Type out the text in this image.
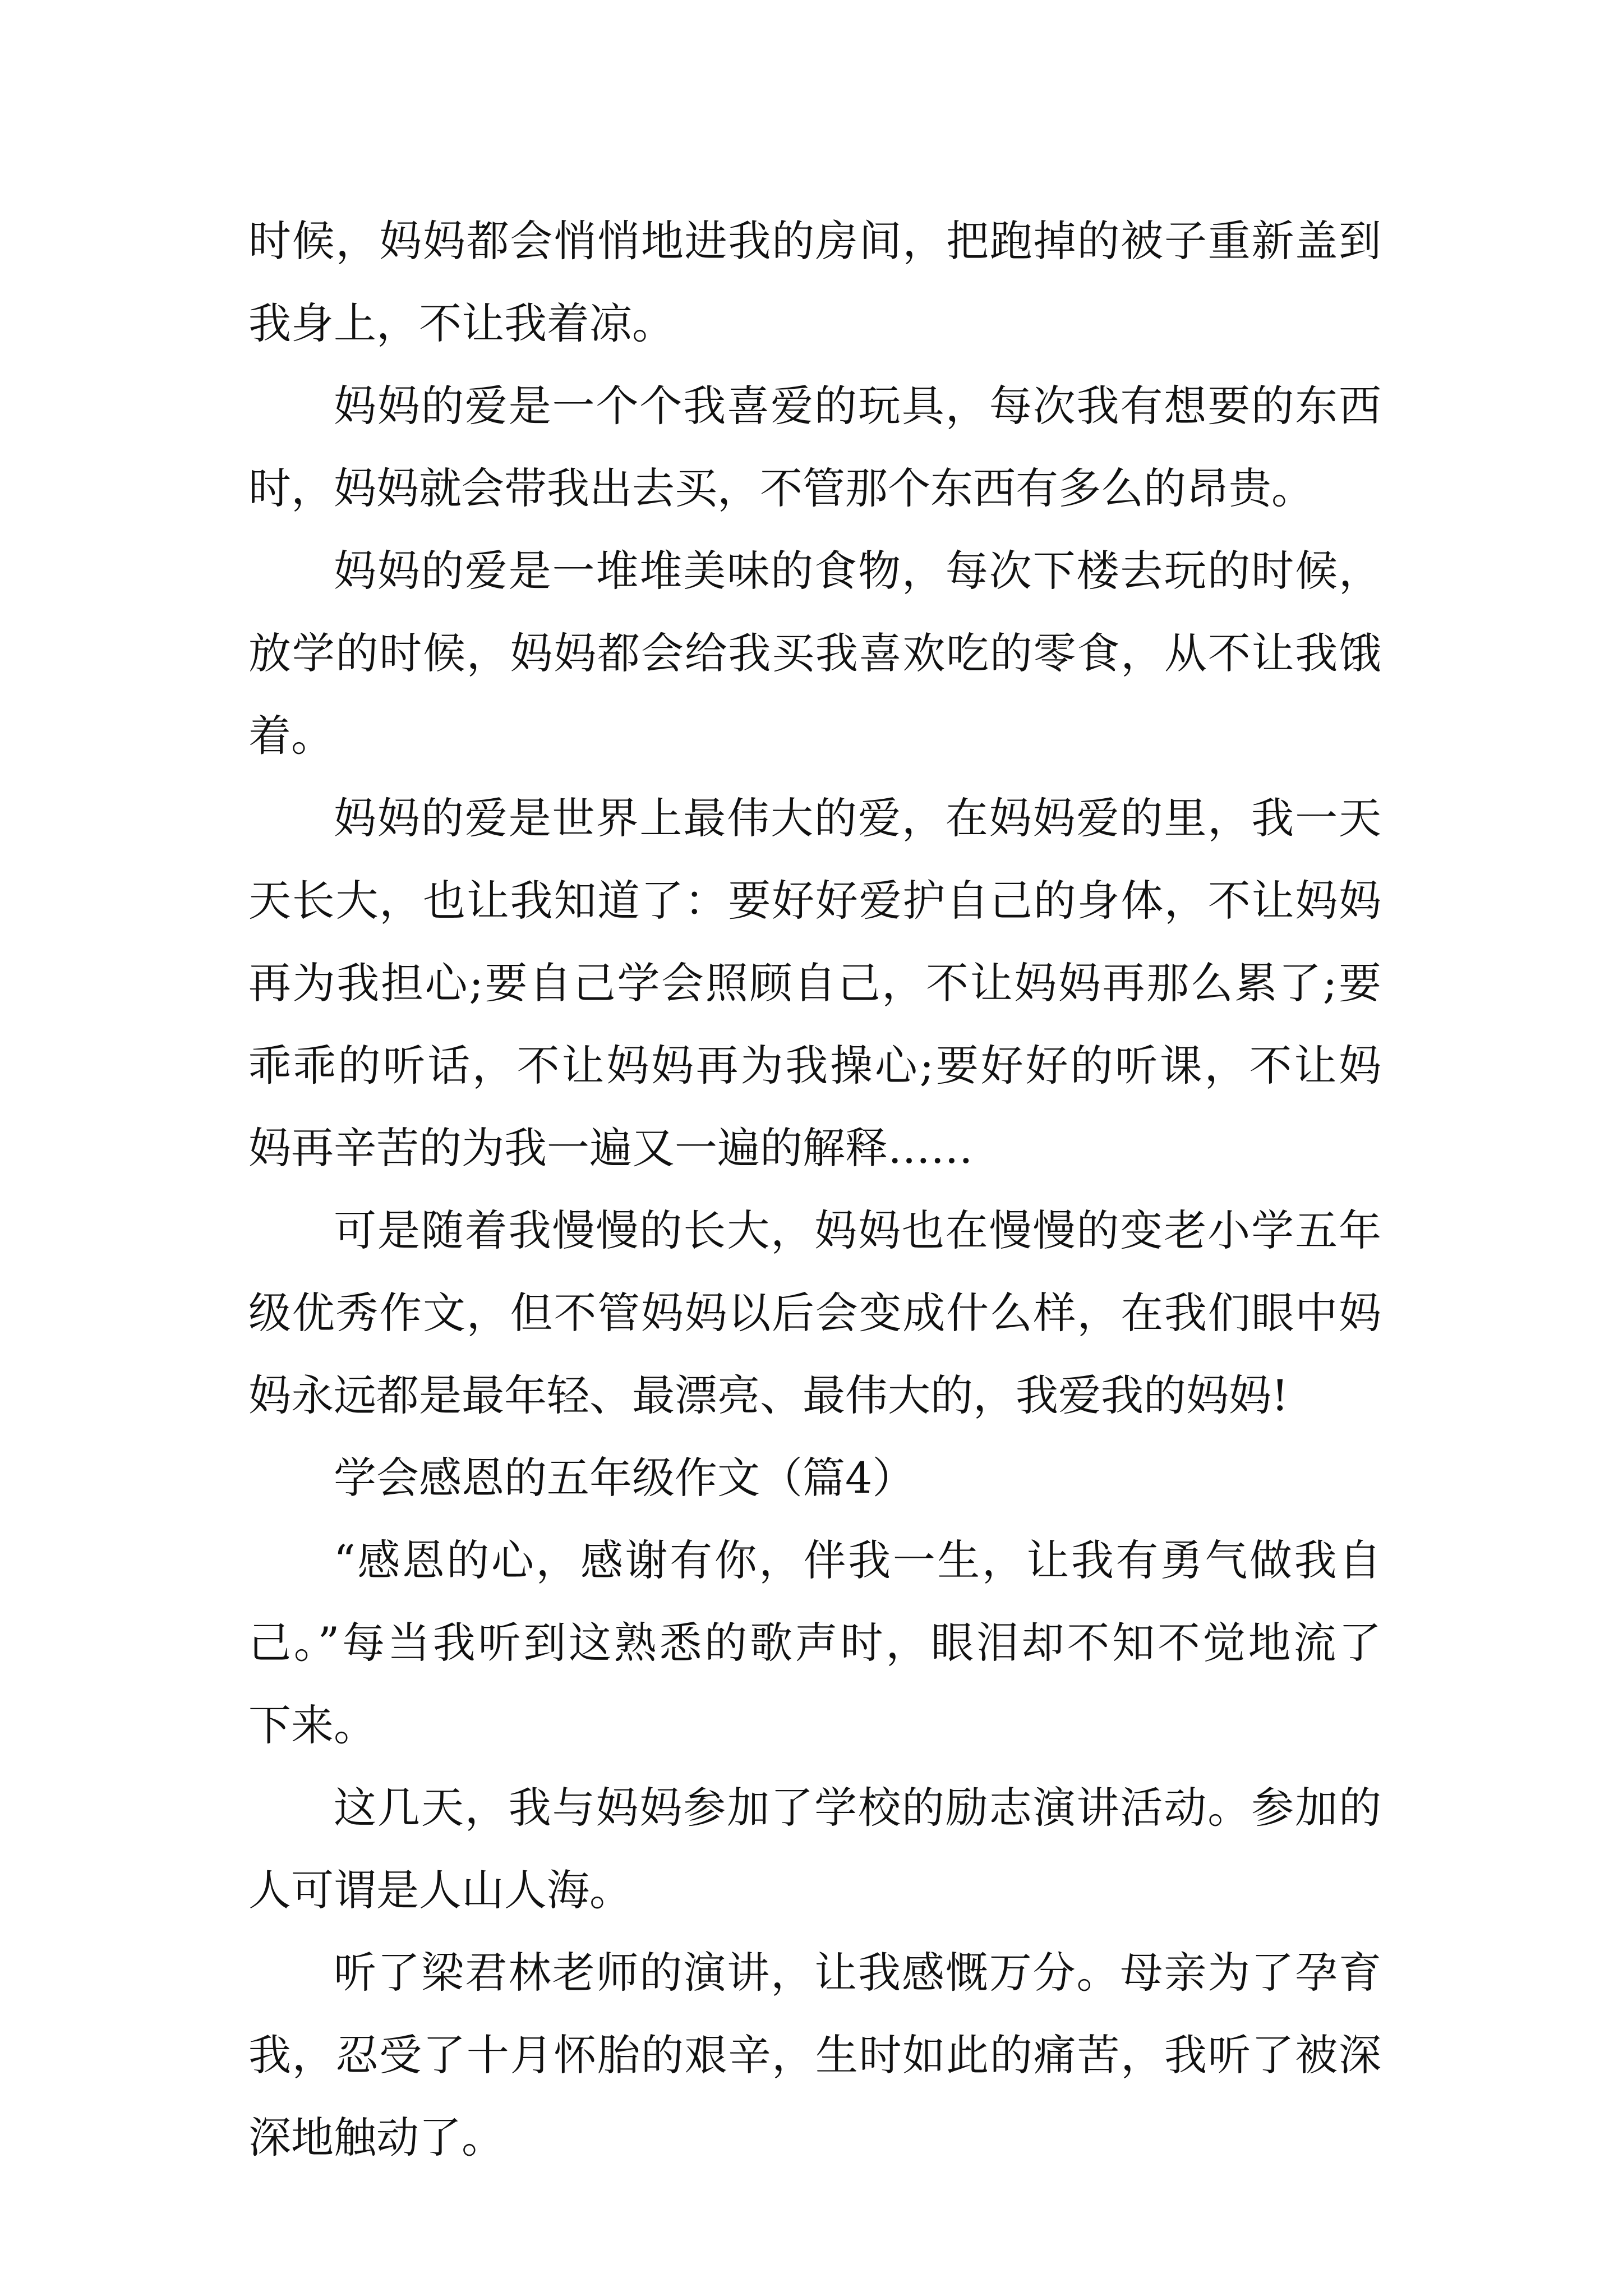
时候，妈妈都会悄悄地进我的房间，把跑掉的被子重新盖到
我身上，不让我着凉。
妈妈的爱是一个个我喜爱的玩具，每次我有想要的东西
时，妈妈就会带我出去买，不管那个东西有多么的昂贵。
妈妈的爱是一堆堆美味的食物，每次下楼去玩的时候，
放学的时候，妈妈都会给我买我喜欢吃的零食，从不让我饿
着。
妈妈的爱是世界上最伟大的爱，在妈妈爱的里，我一天
天长大，也让我知道了：要好好爱护自己的身体，不让妈妈
再为我担心;要自己学会照顾自己，不让妈妈再那么累了;要
乖乖的听话，不让妈妈再为我操心;要好好的听课，不让妈
妈再辛苦的为我一遍又一遍的解释……
可是随着我慢慢的长大，妈妈也在慢慢的变老小学五年
级优秀作文，但不管妈妈以后会变成什么样，在我们眼中妈
妈永远都是最年轻、最漂亮、最伟大的，我爱我的妈妈!
学会感恩的五年级作文（篇4）
“感恩的心，感谢有你，伴我一生，让我有勇气做我自
己。”每当我听到这熟悉的歌声时，眼泪却不知不觉地流了
下来。
这几天，我与妈妈参加了学校的励志演讲活动。参加的
人可谓是人山人海。
听了梁君林老师的演讲，让我感慨万分。母亲为了孕育
我，忍受了十月怀胎的艰辛，生时如此的痛苦，我听了被深
深地触动了。
